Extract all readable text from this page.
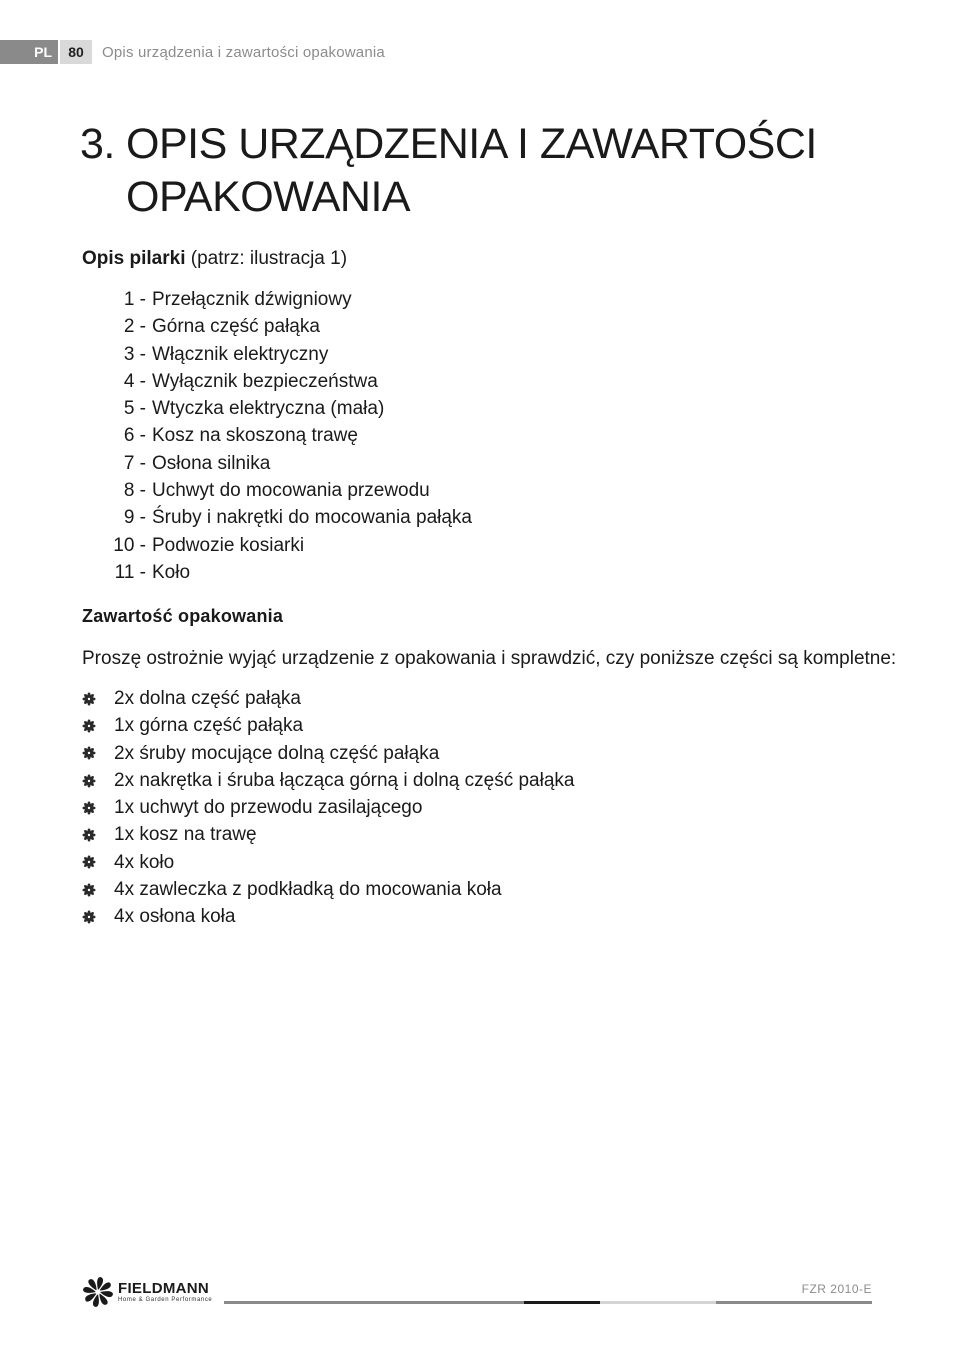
PL	80	Opis urządzenia i zawartości opakowania
3. OPIS URZĄDZENIA I ZAWARTOŚCI
OPAKOWANIA
Opis pilarki (patrz: ilustracja 1)
1 - Przełącznik dźwigniowy
2 - Górna część pałąka
3 - Włącznik elektryczny
4 - Wyłącznik bezpieczeństwa
5 - Wtyczka elektryczna (mała)
6 - Kosz na skoszoną trawę
7 - Osłona silnika
8 - Uchwyt do mocowania przewodu
9 - Śruby i nakrętki do mocowania pałąka
10 - Podwozie kosiarki
11 - Koło
Zawartość opakowania
Proszę ostrożnie wyjąć urządzenie z opakowania i sprawdzić, czy poniższe części są kompletne:
2x dolna część pałąka
1x górna część pałąka
2x śruby mocujące dolną część pałąka
2x nakrętka i śruba łącząca górną i dolną część pałąka
1x uchwyt do przewodu zasilającego
1x kosz na trawę
4x koło
4x zawleczka z podkładką do mocowania koła
4x osłona koła
FIELDMANN
Home & Garden Performance
FZR 2010-E
